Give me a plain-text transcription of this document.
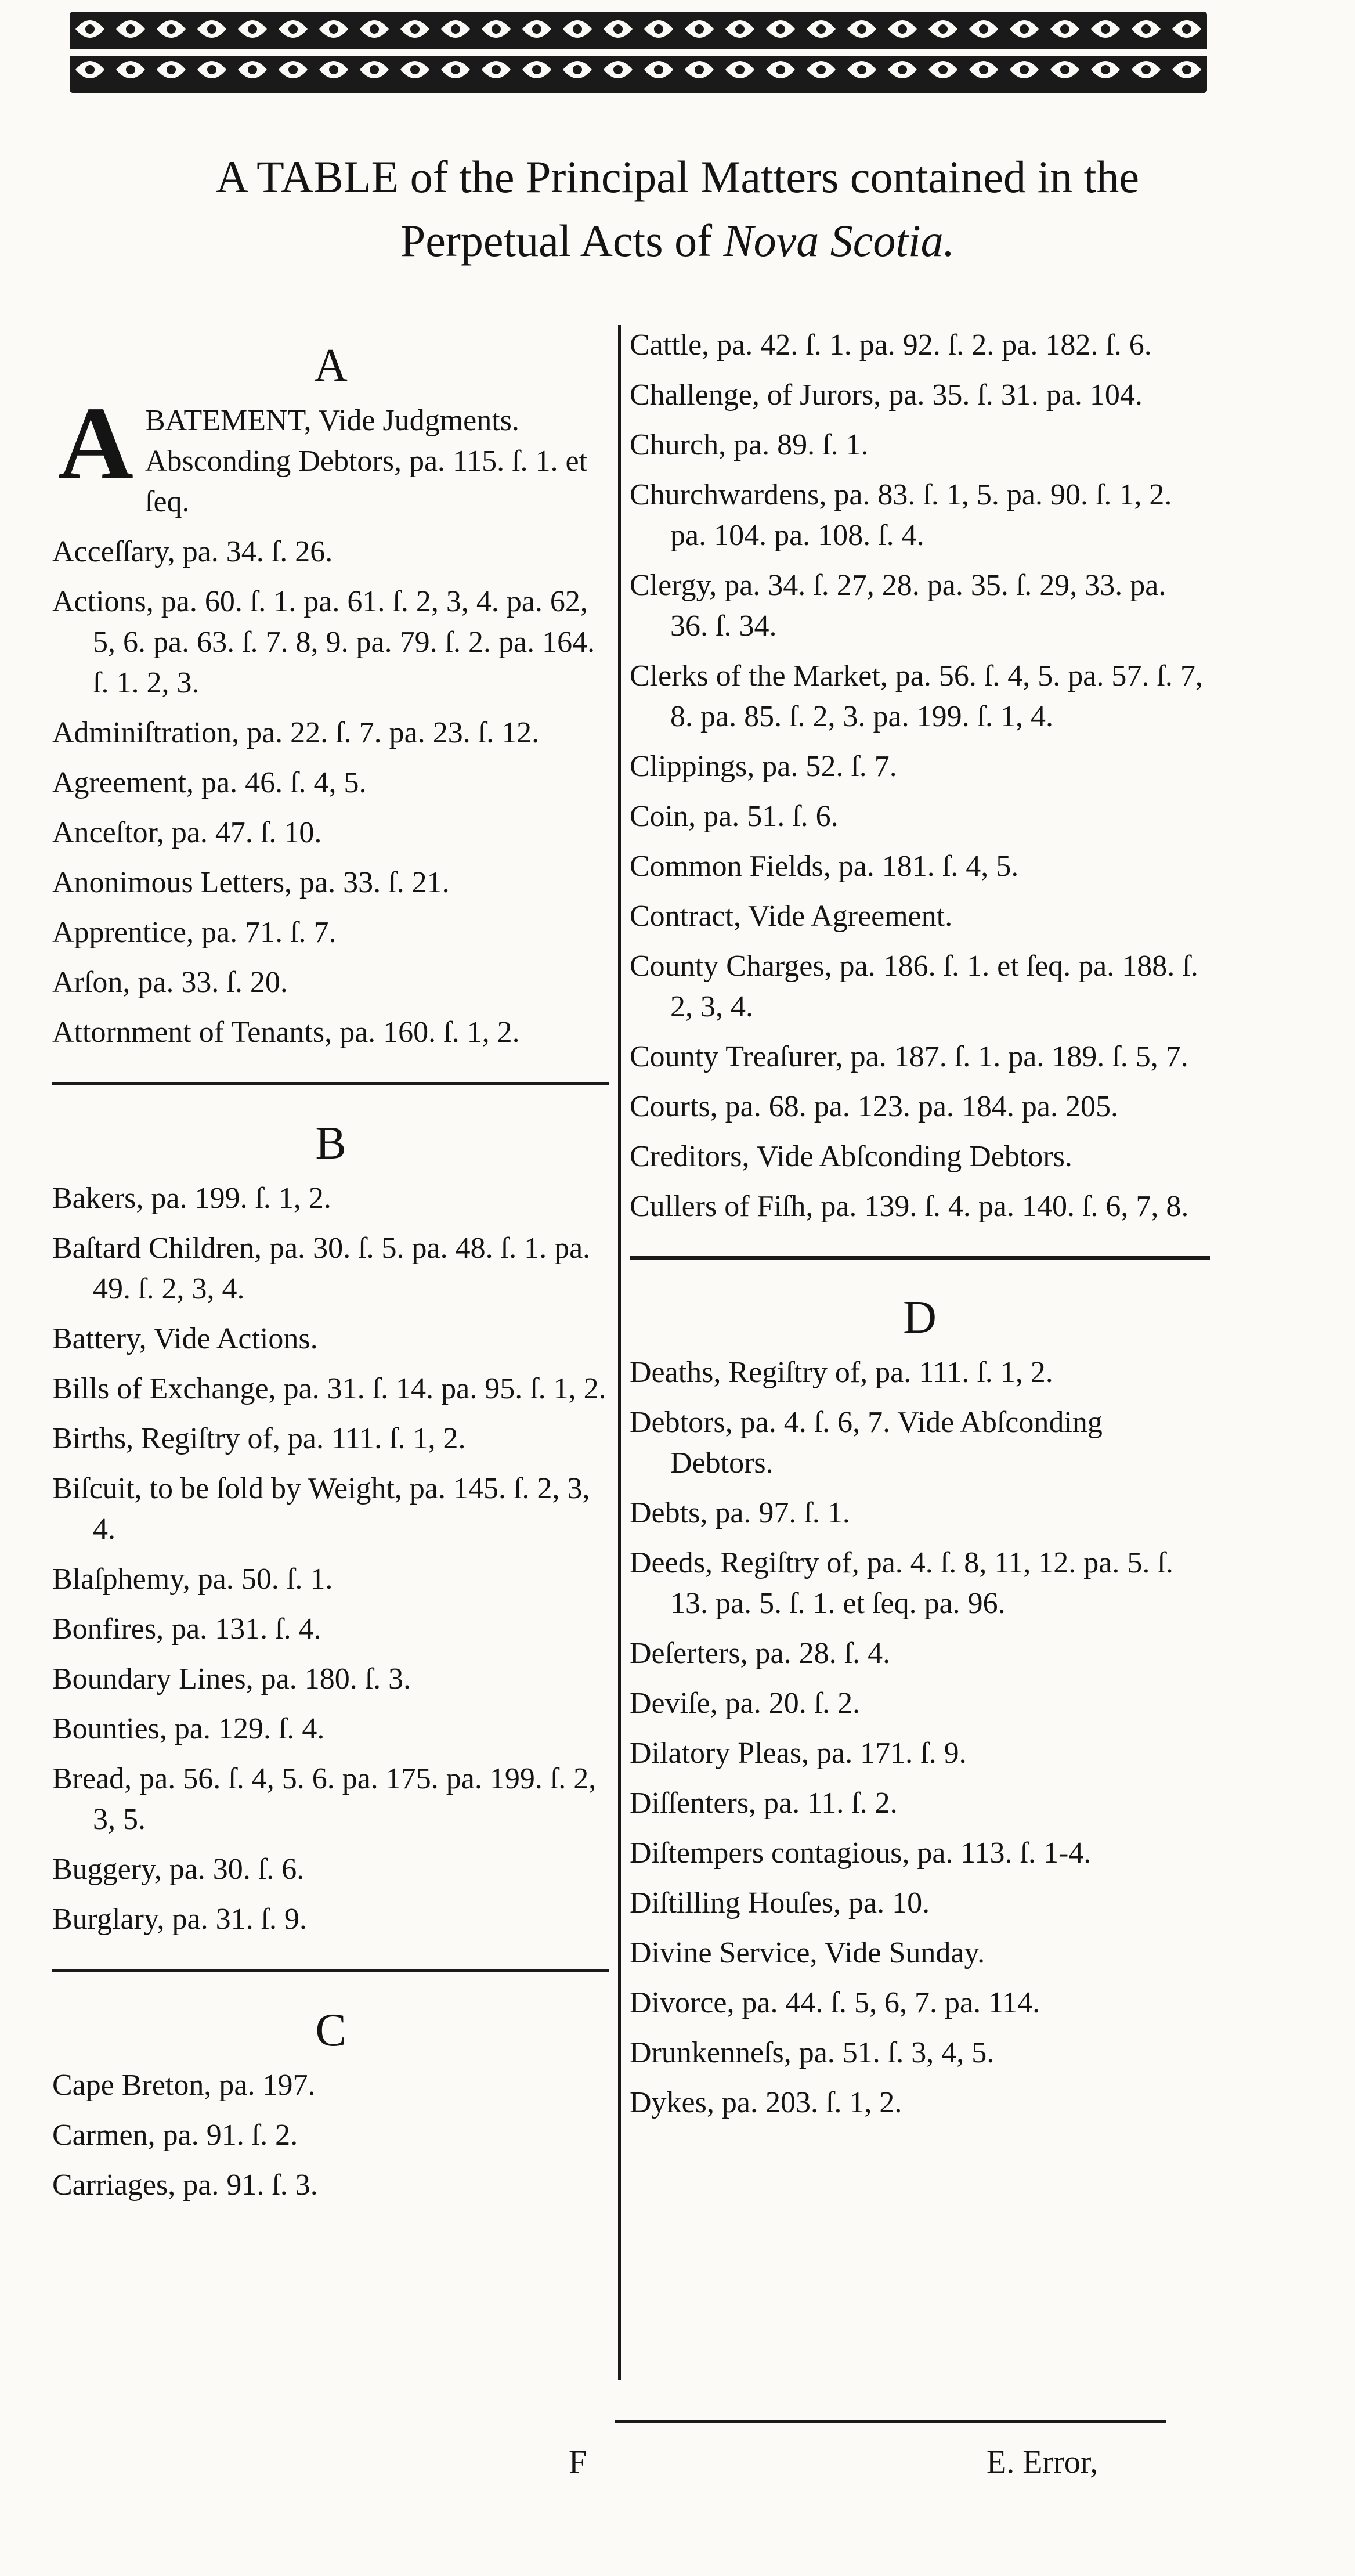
A TABLE of the Principal Matters contained in the
Perpetual Acts of Nova Scotia.
A
A BATEMENT, Vide Judgments. Absconding Debtors, pa. 115. ſ. 1. et ſeq.
Acceſſary, pa. 34. ſ. 26.
Actions, pa. 60. ſ. 1. pa. 61. ſ. 2, 3, 4. pa. 62, 5, 6. pa. 63. ſ. 7. 8, 9. pa. 79. ſ. 2. pa. 164. ſ. 1. 2, 3.
Adminiſtration, pa. 22. ſ. 7. pa. 23. ſ. 12.
Agreement, pa. 46. ſ. 4, 5.
Anceſtor, pa. 47. ſ. 10.
Anonimous Letters, pa. 33. ſ. 21.
Apprentice, pa. 71. ſ. 7.
Arſon, pa. 33. ſ. 20.
Attornment of Tenants, pa. 160. ſ. 1, 2.
B
Bakers, pa. 199. ſ. 1, 2.
Baſtard Children, pa. 30. ſ. 5. pa. 48. ſ. 1. pa. 49. ſ. 2, 3, 4.
Battery, Vide Actions.
Bills of Exchange, pa. 31. ſ. 14. pa. 95. ſ. 1, 2.
Births, Regiſtry of, pa. 111. ſ. 1, 2.
Biſcuit, to be ſold by Weight, pa. 145. ſ. 2, 3, 4.
Blaſphemy, pa. 50. ſ. 1.
Bonfires, pa. 131. ſ. 4.
Boundary Lines, pa. 180. ſ. 3.
Bounties, pa. 129. ſ. 4.
Bread, pa. 56. ſ. 4, 5. 6. pa. 175. pa. 199. ſ. 2, 3, 5.
Buggery, pa. 30. ſ. 6.
Burglary, pa. 31. ſ. 9.
C
Cape Breton, pa. 197.
Carmen, pa. 91. ſ. 2.
Carriages, pa. 91. ſ. 3.
Cattle, pa. 42. ſ. 1. pa. 92. ſ. 2. pa. 182. ſ. 6.
Challenge, of Jurors, pa. 35. ſ. 31. pa. 104.
Church, pa. 89. ſ. 1.
Churchwardens, pa. 83. ſ. 1, 5. pa. 90. ſ. 1, 2. pa. 104. pa. 108. ſ. 4.
Clergy, pa. 34. ſ. 27, 28. pa. 35. ſ. 29, 33. pa. 36. ſ. 34.
Clerks of the Market, pa. 56. ſ. 4, 5. pa. 57. ſ. 7, 8. pa. 85. ſ. 2, 3. pa. 199. ſ. 1, 4.
Clippings, pa. 52. ſ. 7.
Coin, pa. 51. ſ. 6.
Common Fields, pa. 181. ſ. 4, 5.
Contract, Vide Agreement.
County Charges, pa. 186. ſ. 1. et ſeq. pa. 188. ſ. 2, 3, 4.
County Treaſurer, pa. 187. ſ. 1. pa. 189. ſ. 5, 7.
Courts, pa. 68. pa. 123. pa. 184. pa. 205.
Creditors, Vide Abſconding Debtors.
Cullers of Fiſh, pa. 139. ſ. 4. pa. 140. ſ. 6, 7, 8.
D
Deaths, Regiſtry of, pa. 111. ſ. 1, 2.
Debtors, pa. 4. ſ. 6, 7. Vide Abſconding Debtors.
Debts, pa. 97. ſ. 1.
Deeds, Regiſtry of, pa. 4. ſ. 8, 11, 12. pa. 5. ſ. 13. pa. 5. ſ. 1. et ſeq. pa. 96.
Deſerters, pa. 28. ſ. 4.
Deviſe, pa. 20. ſ. 2.
Dilatory Pleas, pa. 171. ſ. 9.
Diſſenters, pa. 11. ſ. 2.
Diſtempers contagious, pa. 113. ſ. 1-4.
Diſtilling Houſes, pa. 10.
Divine Service, Vide Sunday.
Divorce, pa. 44. ſ. 5, 6, 7. pa. 114.
Drunkenneſs, pa. 51. ſ. 3, 4, 5.
Dykes, pa. 203. ſ. 1, 2.
F	E. Error,
